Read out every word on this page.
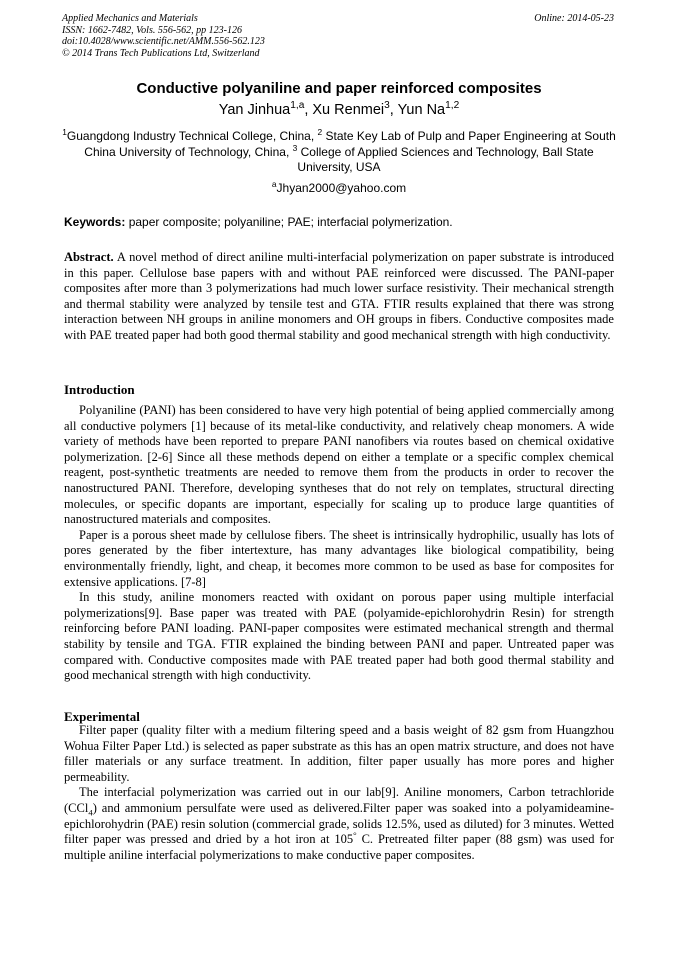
Applied Mechanics and Materials
ISSN: 1662-7482, Vols. 556-562, pp 123-126
doi:10.4028/www.scientific.net/AMM.556-562.123
© 2014 Trans Tech Publications Ltd, Switzerland
Online: 2014-05-23
Conductive polyaniline and paper reinforced composites
Yan Jinhua$^{1,a}$, Xu Renmei$^3$, Yun Na$^{1,2}$
$^1$Guangdong Industry Technical College, China, $^2$ State Key Lab of Pulp and Paper Engineering at South China University of Technology, China, $^3$ College of Applied Sciences and Technology, Ball State University, USA
$^a$Jhyan2000@yahoo.com
Keywords: paper composite; polyaniline; PAE; interfacial polymerization.
Abstract. A novel method of direct aniline multi-interfacial polymerization on paper substrate is introduced in this paper. Cellulose base papers with and without PAE reinforced were discussed. The PANI-paper composites after more than 3 polymerizations had much lower surface resistivity. Their mechanical strength and thermal stability were analyzed by tensile test and GTA. FTIR results explained that there was strong interaction between NH groups in aniline monomers and OH groups in fibers. Conductive composites made with PAE treated paper had both good thermal stability and good mechanical strength with high conductivity.
Introduction

Polyaniline (PANI) has been considered to have very high potential of being applied commercially among all conductive polymers [1] because of its metal-like conductivity, and relatively cheap monomers. A wide variety of methods have been reported to prepare PANI nanofibers via routes based on chemical oxidative polymerization. [2-6] Since all these methods depend on either a template or a specific complex chemical reagent, post-synthetic treatments are needed to remove them from the products in order to recover the nanostructured PANI. Therefore, developing syntheses that do not rely on templates, structural directing molecules, or specific dopants are important, especially for scaling up to produce large quantities of nanostructured materials and composites.

Paper is a porous sheet made by cellulose fibers. The sheet is intrinsically hydrophilic, usually has lots of pores generated by the fiber intertexture, has many advantages like biological compatibility, being environmentally friendly, light, and cheap, it becomes more common to be used as base for composites for extensive applications. [7-8]

In this study, aniline monomers reacted with oxidant on porous paper using multiple interfacial polymerizations[9]. Base paper was treated with PAE (polyamide-epichlorohydrin Resin) for strength reinforcing before PANI loading. PANI-paper composites were estimated mechanical strength and thermal stability by tensile and TGA. FTIR explained the binding between PANI and paper. Untreated paper was compared with. Conductive composites made with PAE treated paper had both good thermal stability and good mechanical strength with high conductivity.

Experimental

Filter paper (quality filter with a medium filtering speed and a basis weight of 82 gsm from Huangzhou Wohua Filter Paper Ltd.) is selected as paper substrate as this has an open matrix structure, and does not have filler materials or any surface treatment. In addition, filter paper usually has more pores and higher permeability.

The interfacial polymerization was carried out in our lab[9]. Aniline monomers, Carbon tetrachloride (CCl$_4$) and ammonium persulfate were used as delivered.Filter paper was soaked into a polyamideamine-epichlorohydrin (PAE) resin solution (commercial grade, solids 12.5%, used as diluted) for 3 minutes. Wetted filter paper was pressed and dried by a hot iron at 105° C. Pretreated filter paper (88 gsm) was used for multiple aniline interfacial polymerizations to make conductive paper composites.
